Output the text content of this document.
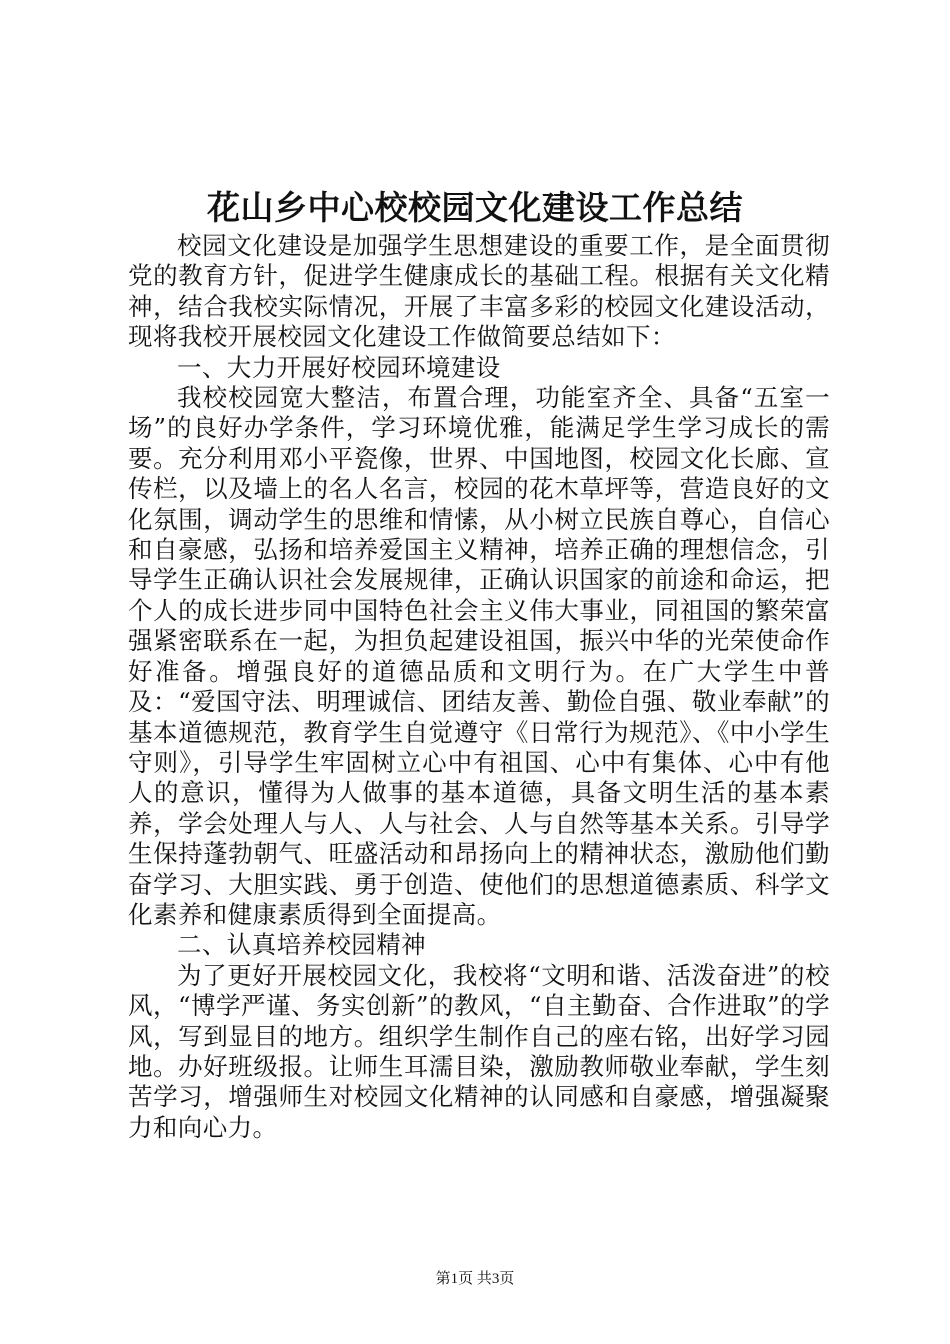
花山乡中心校校园文化建设工作总结

校园文化建设是加强学生思想建设的重要工作，是全面贯彻党的教育方针，促进学生健康成长的基础工程。根据有关文化精神，结合我校实际情况，开展了丰富多彩的校园文化建设活动，现将我校开展校园文化建设工作做简要总结如下：

一、大力开展好校园环境建设

我校校园宽大整洁，布置合理，功能室齐全、具备“五室一场”的良好办学条件，学习环境优雅，能满足学生学习成长的需要。充分利用邓小平瓷像，世界、中国地图，校园文化长廊、宣传栏，以及墙上的名人名言，校园的花木草坪等，营造良好的文化氛围，调动学生的思维和情愫，从小树立民族自尊心，自信心和自豪感，弘扬和培养爱国主义精神，培养正确的理想信念，引导学生正确认识社会发展规律，正确认识国家的前途和命运，把个人的成长进步同中国特色社会主义伟大事业，同祖国的繁荣富强紧密联系在一起，为担负起建设祖国，振兴中华的光荣使命作好准备。增强良好的道德品质和文明行为。在广大学生中普及：“爱国守法、明理诚信、团结友善、勤俭自强、敬业奉献”的基本道德规范，教育学生自觉遵守《日常行为规范》、《中小学生守则》，引导学生牢固树立心中有祖国、心中有集体、心中有他人的意识，懂得为人做事的基本道德，具备文明生活的基本素养，学会处理人与人、人与社会、人与自然等基本关系。引导学生保持蓬勃朝气、旺盛活动和昂扬向上的精神状态，激励他们勤奋学习、大胆实践、勇于创造、使他们的思想道德素质、科学文化素养和健康素质得到全面提高。

二、认真培养校园精神

为了更好开展校园文化，我校将“文明和谐、活泼奋进”的校风，“博学严谨、务实创新”的教风，“自主勤奋、合作进取”的学风，写到显目的地方。组织学生制作自己的座右铭，出好学习园地。办好班级报。让师生耳濡目染，激励教师敬业奉献，学生刻苦学习，增强师生对校园文化精神的认同感和自豪感，增强凝聚力和向心力。

第1页 共3页
